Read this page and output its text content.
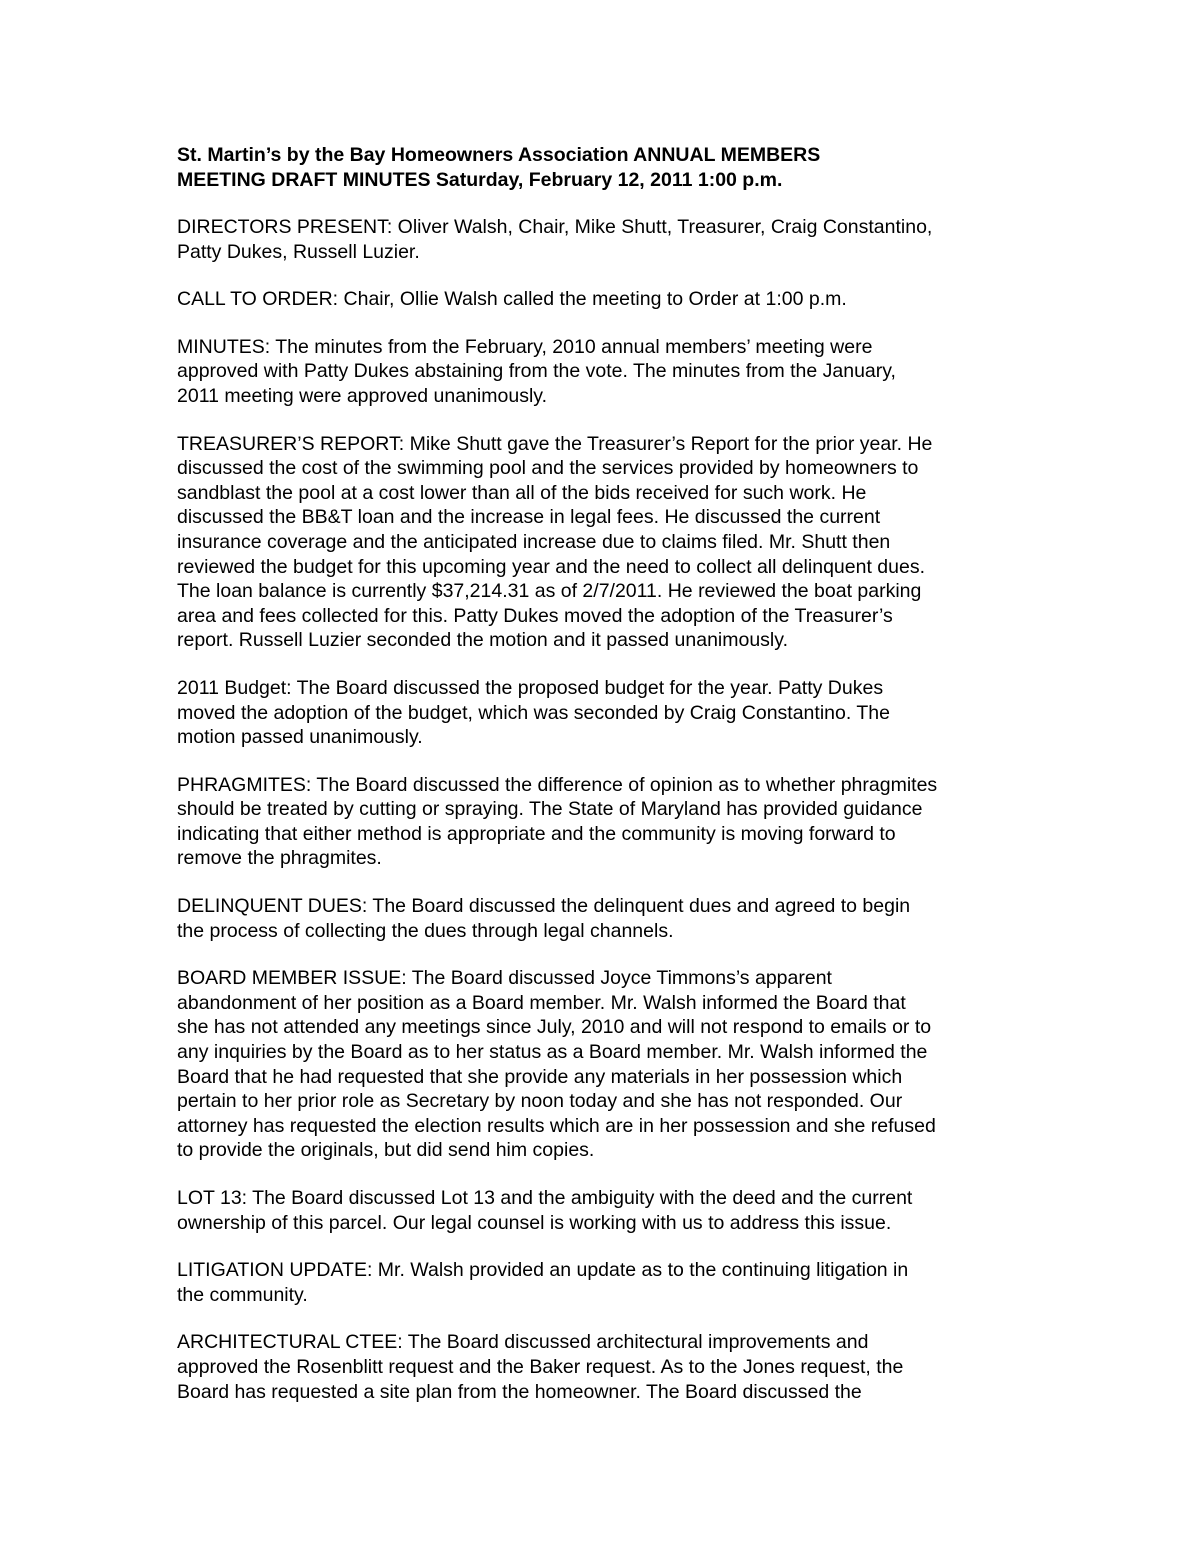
St. Martin’s by the Bay Homeowners Association ANNUAL MEMBERS
MEETING DRAFT MINUTES Saturday, February 12, 2011 1:00 p.m.
DIRECTORS PRESENT: Oliver Walsh, Chair, Mike Shutt, Treasurer, Craig Constantino,
Patty Dukes, Russell Luzier.
CALL TO ORDER: Chair, Ollie Walsh called the meeting to Order at 1:00 p.m.
MINUTES: The minutes from the February, 2010 annual members’ meeting were
approved with Patty Dukes abstaining from the vote. The minutes from the January,
2011 meeting were approved unanimously.
TREASURER’S REPORT: Mike Shutt gave the Treasurer’s Report for the prior year. He
discussed the cost of the swimming pool and the services provided by homeowners to
sandblast the pool at a cost lower than all of the bids received for such work. He
discussed the BB&T loan and the increase in legal fees. He discussed the current
insurance coverage and the anticipated increase due to claims filed. Mr. Shutt then
reviewed the budget for this upcoming year and the need to collect all delinquent dues.
The loan balance is currently $37,214.31 as of 2/7/2011. He reviewed the boat parking
area and fees collected for this. Patty Dukes moved the adoption of the Treasurer’s
report. Russell Luzier seconded the motion and it passed unanimously.
2011 Budget: The Board discussed the proposed budget for the year. Patty Dukes
moved the adoption of the budget, which was seconded by Craig Constantino. The
motion passed unanimously.
PHRAGMITES: The Board discussed the difference of opinion as to whether phragmites
should be treated by cutting or spraying. The State of Maryland has provided guidance
indicating that either method is appropriate and the community is moving forward to
remove the phragmites.
DELINQUENT DUES: The Board discussed the delinquent dues and agreed to begin
the process of collecting the dues through legal channels.
BOARD MEMBER ISSUE: The Board discussed Joyce Timmons’s apparent
abandonment of her position as a Board member. Mr. Walsh informed the Board that
she has not attended any meetings since July, 2010 and will not respond to emails or to
any inquiries by the Board as to her status as a Board member. Mr. Walsh informed the
Board that he had requested that she provide any materials in her possession which
pertain to her prior role as Secretary by noon today and she has not responded. Our
attorney has requested the election results which are in her possession and she refused
to provide the originals, but did send him copies.
LOT 13: The Board discussed Lot 13 and the ambiguity with the deed and the current
ownership of this parcel. Our legal counsel is working with us to address this issue.
LITIGATION UPDATE: Mr. Walsh provided an update as to the continuing litigation in
the community.
ARCHITECTURAL CTEE: The Board discussed architectural improvements and
approved the Rosenblitt request and the Baker request. As to the Jones request, the
Board has requested a site plan from the homeowner. The Board discussed the
